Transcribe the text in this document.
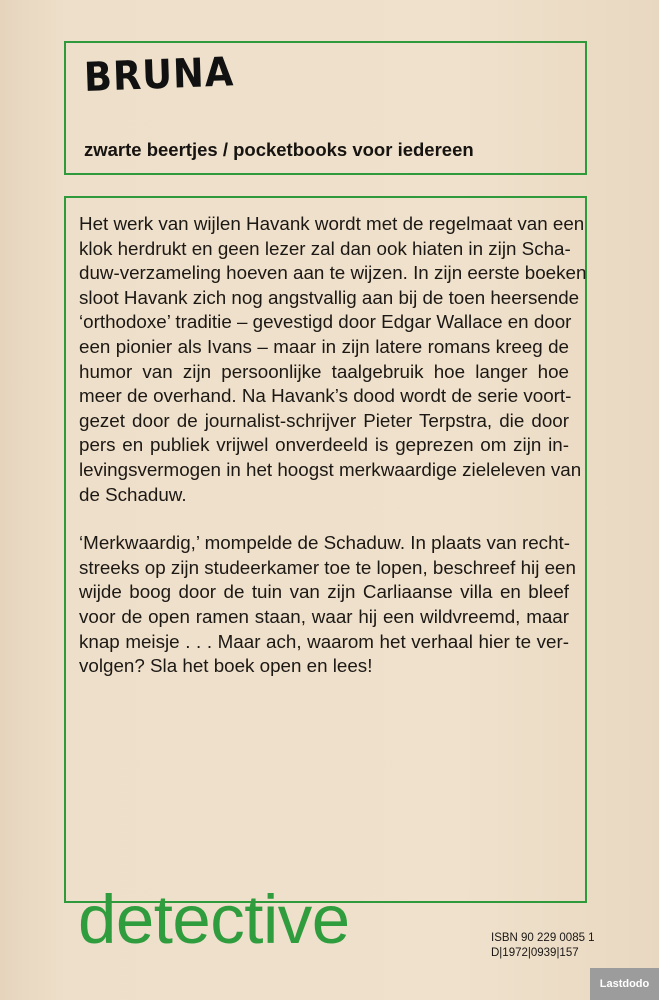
BRUNA
zwarte beertjes / pocketbooks voor iedereen
Het werk van wijlen Havank wordt met de regelmaat van een
klok herdrukt en geen lezer zal dan ook hiaten in zijn Scha-
duw-verzameling hoeven aan te wijzen. In zijn eerste boeken
sloot Havank zich nog angstvallig aan bij de toen heersende
‘orthodoxe’ traditie – gevestigd door Edgar Wallace en door
een pionier als Ivans – maar in zijn latere romans kreeg de
humor van zijn persoonlijke taalgebruik hoe langer hoe
meer de overhand. Na Havank’s dood wordt de serie voort-
gezet door de journalist-schrijver Pieter Terpstra, die door
pers en publiek vrijwel onverdeeld is geprezen om zijn in-
levingsvermogen in het hoogst merkwaardige zieleleven van
de Schaduw.
‘Merkwaardig,’ mompelde de Schaduw. In plaats van recht-
streeks op zijn studeerkamer toe te lopen, beschreef hij een
wijde boog door de tuin van zijn Carliaanse villa en bleef
voor de open ramen staan, waar hij een wildvreemd, maar
knap meisje . . . Maar ach, waarom het verhaal hier te ver-
volgen? Sla het boek open en lees!
detective	ISBN 90 229 0085 1
D|1972|0939|157
Lastdodo
